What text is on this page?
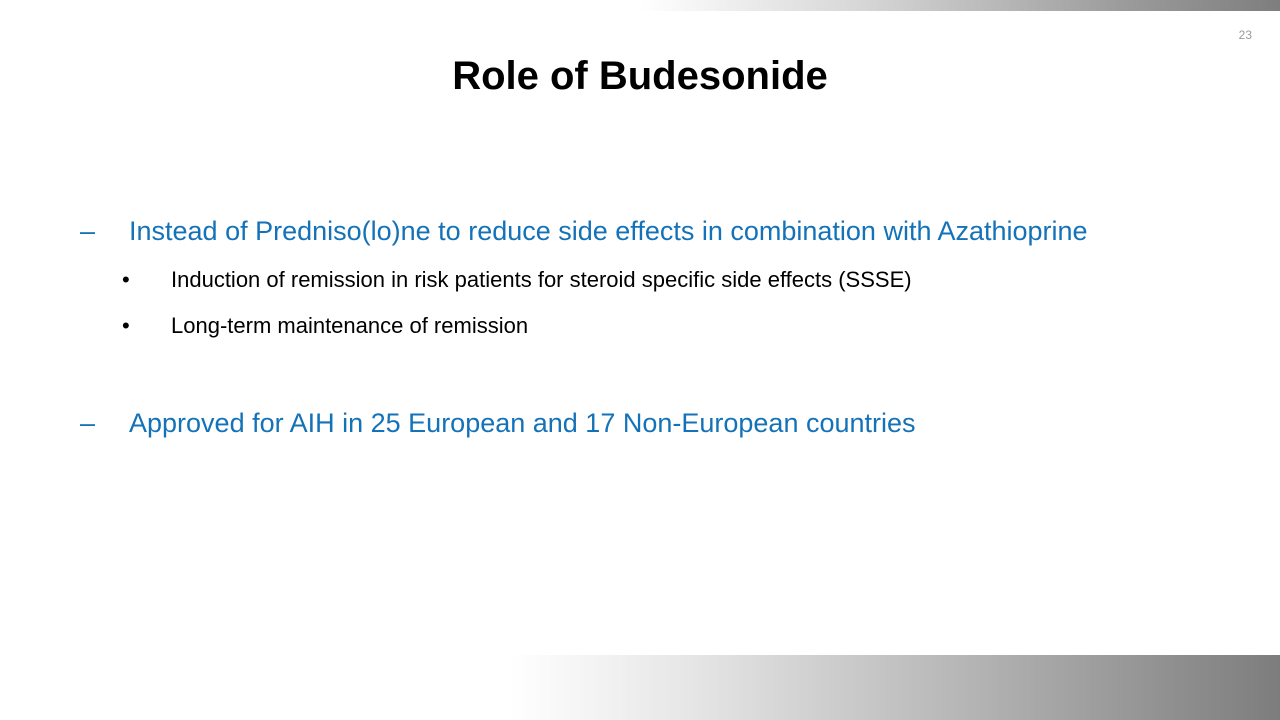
23
Role of Budesonide
– Instead of Predniso(lo)ne to reduce side effects in combination with Azathioprine
• Induction of remission in risk patients for steroid specific side effects (SSSE)
• Long-term maintenance of remission
– Approved for AIH in 25 European and 17 Non-European countries
